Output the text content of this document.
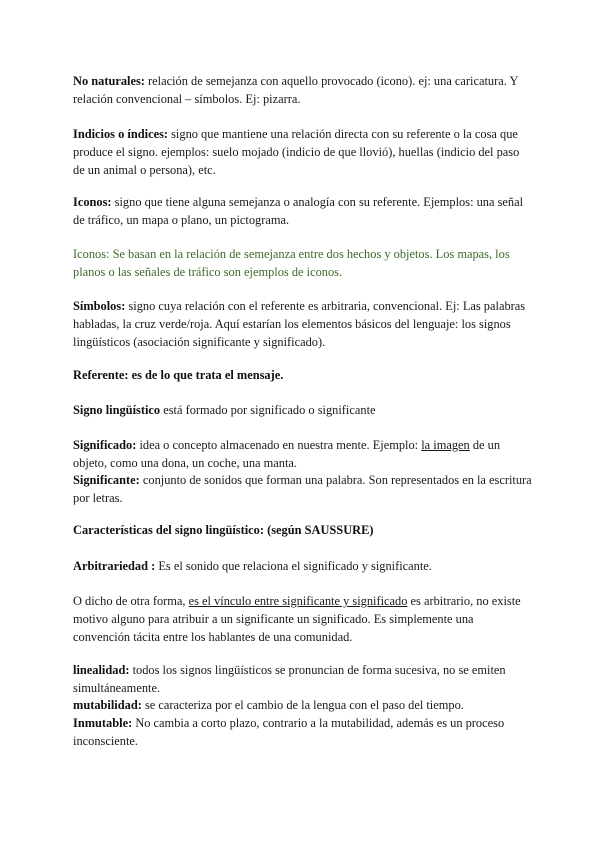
No naturales: relación de semejanza con aquello provocado (icono). ej: una caricatura. Y relación convencional – símbolos. Ej: pizarra.

Indicios o índices: signo que mantiene una relación directa con su referente o la cosa que produce el signo. ejemplos: suelo mojado (indicio de que llovió), huellas (indicio del paso de un animal o persona), etc.

Iconos: signo que tiene alguna semejanza o analogía con su referente. Ejemplos: una señal de tráfico, un mapa o plano, un pictograma.

Iconos: Se basan en la relación de semejanza entre dos hechos y objetos. Los mapas, los planos o las señales de tráfico son ejemplos de iconos.

Símbolos: signo cuya relación con el referente es arbitraria, convencional. Ej: Las palabras habladas, la cruz verde/roja. Aquí estarían los elementos básicos del lenguaje: los signos lingüísticos (asociación significante y significado).

Referente: es de lo que trata el mensaje.

Signo lingüístico está formado por significado o significante

Significado: idea o concepto almacenado en nuestra mente. Ejemplo: la imagen de un objeto, como una dona, un coche, una manta.

Significante: conjunto de sonidos que forman una palabra. Son representados en la escritura por letras.

Características del signo lingüístico: (según SAUSSURE)

Arbitrariedad : Es el sonido que relaciona el significado y significante.

O dicho de otra forma, es el vínculo entre significante y significado es arbitrario, no existe motivo alguno para atribuir a un significante un significado. Es simplemente una convención tácita entre los hablantes de una comunidad.

linealidad: todos los signos lingüísticos se pronuncian de forma sucesiva, no se emiten simultáneamente.

mutabilidad: se caracteriza por el cambio de la lengua con el paso del tiempo.

Inmutable: No cambia a corto plazo, contrario a la mutabilidad, además es un proceso inconsciente.
